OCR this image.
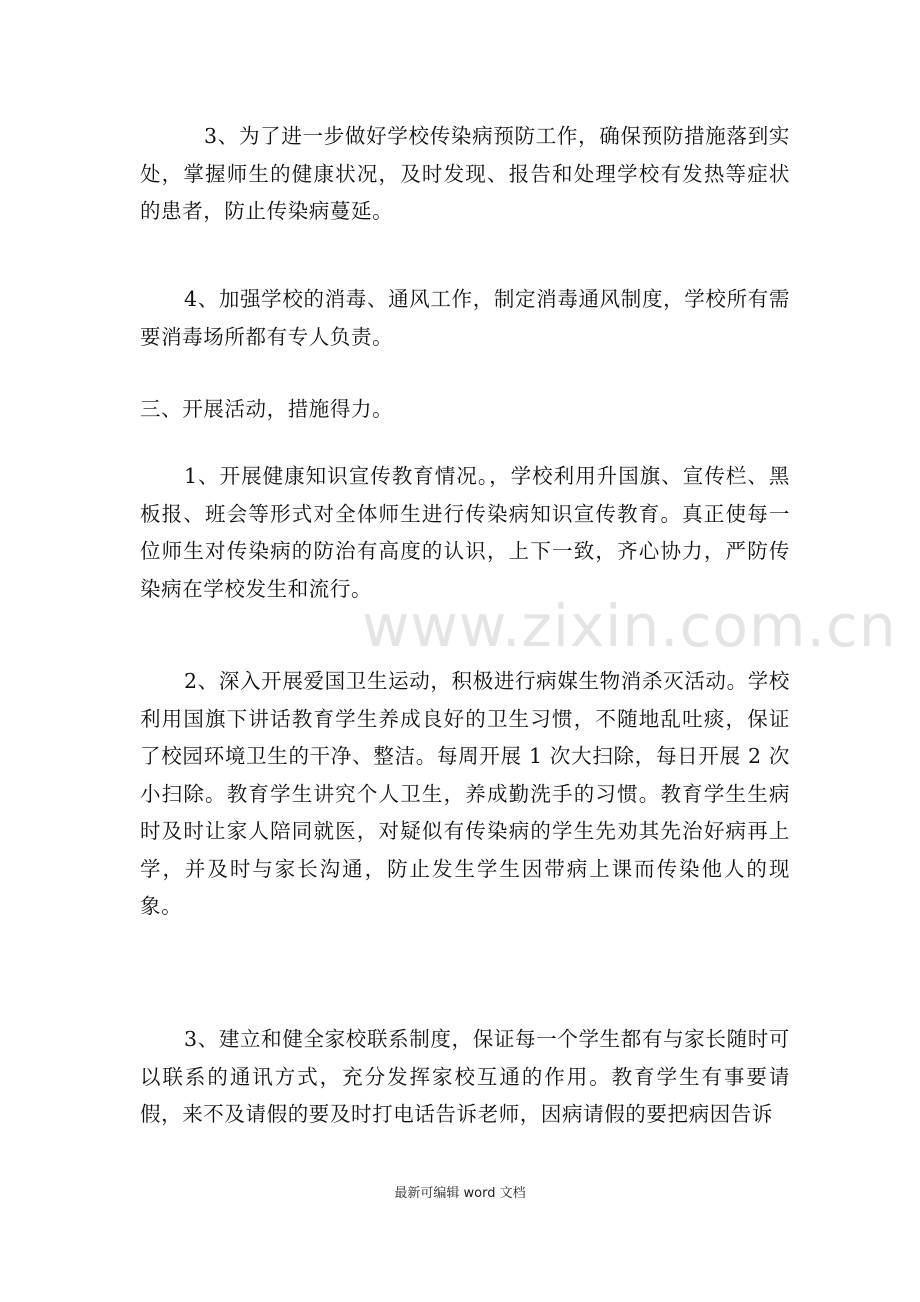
www.zixin.com.cn

3、为了进一步做好学校传染病预防工作，确保预防措施落到实处，掌握师生的健康状况，及时发现、报告和处理学校有发热等症状的患者，防止传染病蔓延。

4、加强学校的消毒、通风工作，制定消毒通风制度，学校所有需要消毒场所都有专人负责。

三、开展活动，措施得力。

1、开展健康知识宣传教育情况。，学校利用升国旗、宣传栏、黑板报、班会等形式对全体师生进行传染病知识宣传教育。真正使每一位师生对传染病的防治有高度的认识，上下一致，齐心协力，严防传染病在学校发生和流行。

2、深入开展爱国卫生运动，积极进行病媒生物消杀灭活动。学校利用国旗下讲话教育学生养成良好的卫生习惯，不随地乱吐痰，保证了校园环境卫生的干净、整洁。每周开展 1 次大扫除，每日开展 2 次小扫除。教育学生讲究个人卫生，养成勤洗手的习惯。教育学生生病时及时让家人陪同就医，对疑似有传染病的学生先劝其先治好病再上学，并及时与家长沟通，防止发生学生因带病上课而传染他人的现象。

3、建立和健全家校联系制度，保证每一个学生都有与家长随时可以联系的通讯方式，充分发挥家校互通的作用。教育学生有事要请假，来不及请假的要及时打电话告诉老师，因病请假的要把病因告诉

最新可编辑 word 文档
